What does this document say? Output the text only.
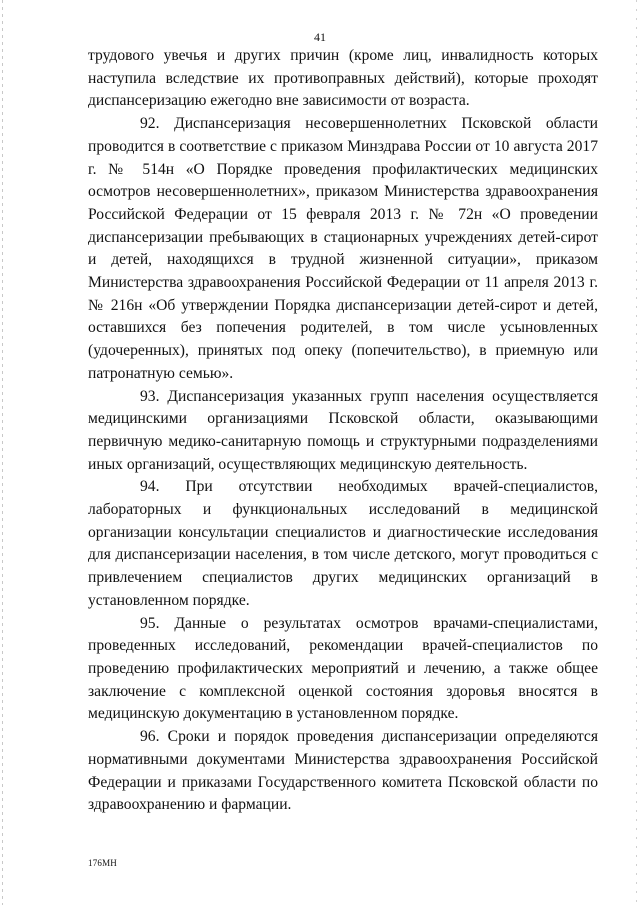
41

трудового увечья и других причин (кроме лиц, инвалидность которых наступила вследствие их противоправных действий), которые проходят диспансеризацию ежегодно вне зависимости от возраста.

92. Диспансеризация несовершеннолетних Псковской области проводится в соответствие с приказом Минздрава России от 10 августа 2017 г. № 514н «О Порядке проведения профилактических медицинских осмотров несовершеннолетних», приказом Министерства здравоохранения Российской Федерации от 15 февраля 2013 г. № 72н «О проведении диспансеризации пребывающих в стационарных учреждениях детей-сирот и детей, находящихся в трудной жизненной ситуации», приказом Министерства здравоохранения Российской Федерации от 11 апреля 2013 г. № 216н «Об утверждении Порядка диспансеризации детей-сирот и детей, оставшихся без попечения родителей, в том числе усыновленных (удочеренных), принятых под опеку (попечительство), в приемную или патронатную семью».

93. Диспансеризация указанных групп населения осуществляется медицинскими организациями Псковской области, оказывающими первичную медико-санитарную помощь и структурными подразделениями иных организаций, осуществляющих медицинскую деятельность.

94. При отсутствии необходимых врачей-специалистов, лабораторных и функциональных исследований в медицинской организации консультации специалистов и диагностические исследования для диспансеризации населения, в том числе детского, могут проводиться с привлечением специалистов других медицинских организаций в установленном порядке.

95. Данные о результатах осмотров врачами-специалистами, проведенных исследований, рекомендации врачей-специалистов по проведению профилактических мероприятий и лечению, а также общее заключение с комплексной оценкой состояния здоровья вносятся в медицинскую документацию в установленном порядке.

96. Сроки и порядок проведения диспансеризации определяются нормативными документами Министерства здравоохранения Российской Федерации и приказами Государственного комитета Псковской области по здравоохранению и фармации.

176МН
